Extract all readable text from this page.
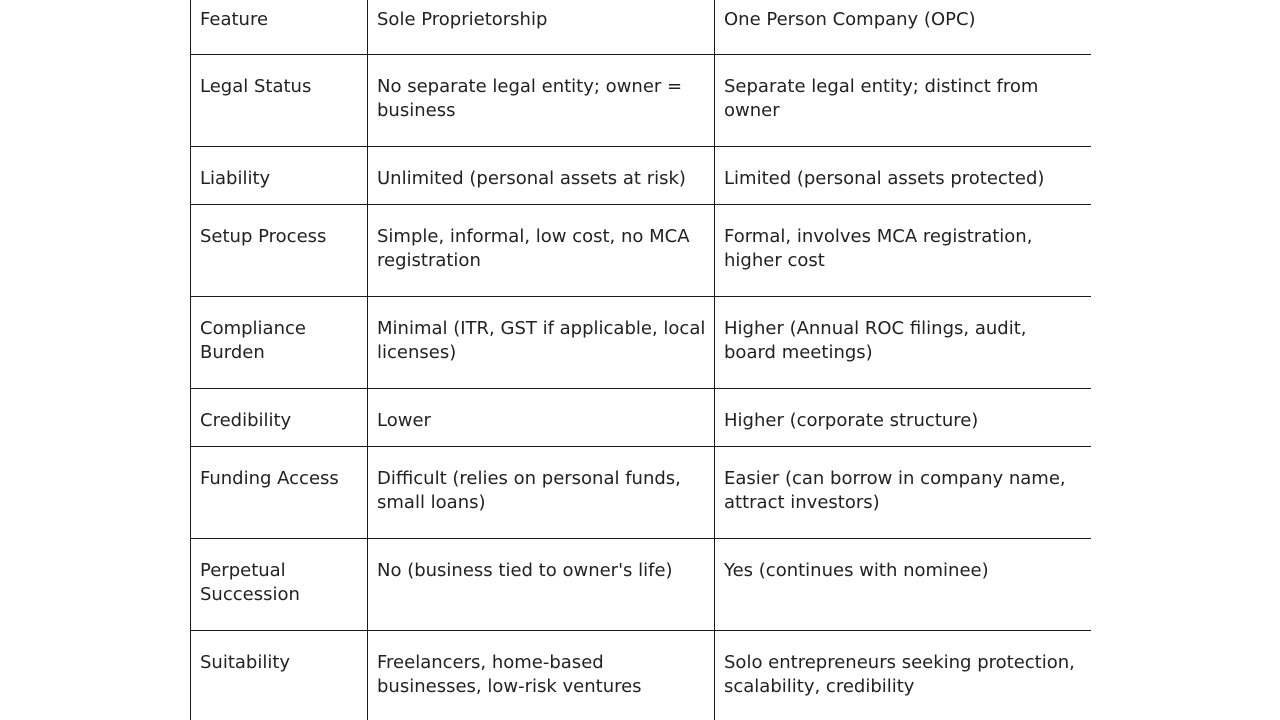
Feature	Sole Proprietorship	One Person Company (OPC)
Legal Status	No separate legal entity; owner = business	Separate legal entity; distinct from owner
Liability	Unlimited (personal assets at risk)	Limited (personal assets protected)
Setup Process	Simple, informal, low cost, no MCA registration	Formal, involves MCA registration, higher cost
Compliance Burden	Minimal (ITR, GST if applicable, local licenses)	Higher (Annual ROC filings, audit, board meetings)
Credibility	Lower	Higher (corporate structure)
Funding Access	Difficult (relies on personal funds, small loans)	Easier (can borrow in company name, attract investors)
Perpetual Succession	No (business tied to owner's life)	Yes (continues with nominee)
Suitability	Freelancers, home-based businesses, low-risk ventures	Solo entrepreneurs seeking protection, scalability, credibility
